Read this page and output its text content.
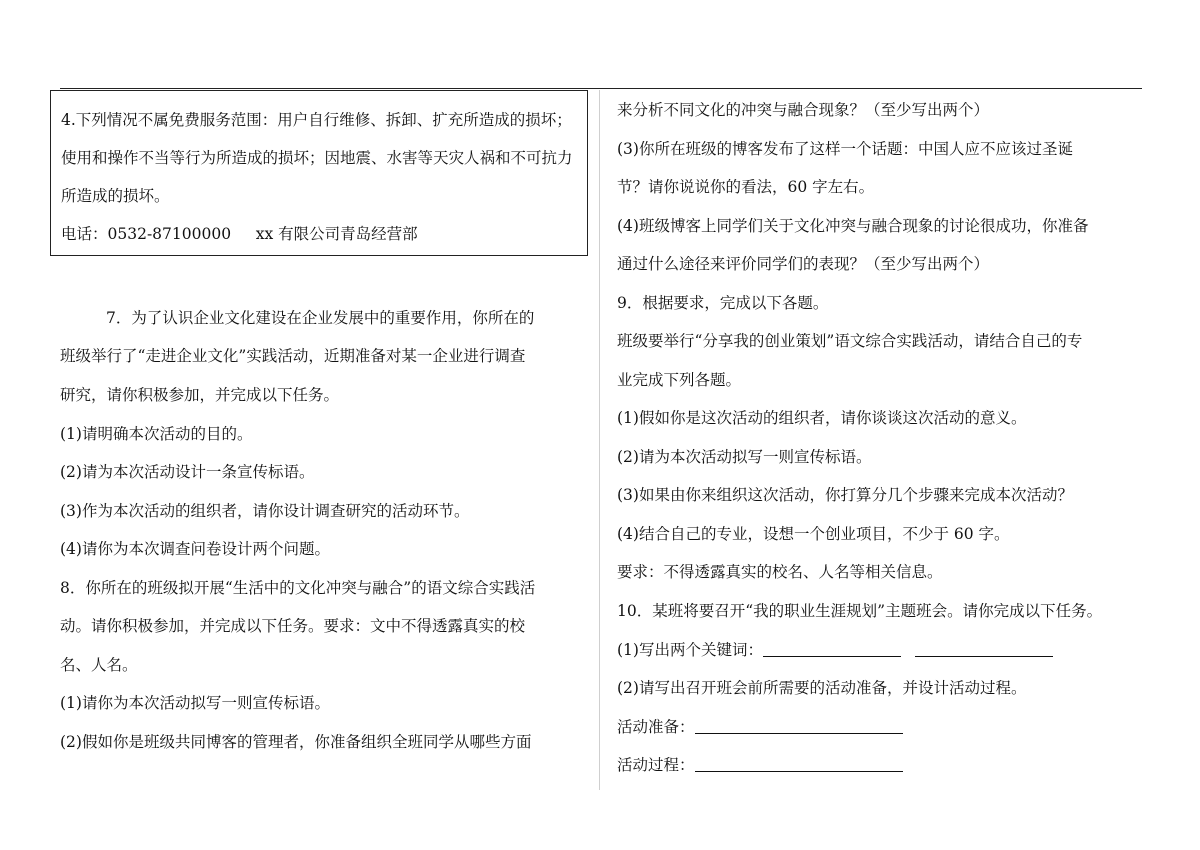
4.下列情况不属免费服务范围：用户自行维修、拆卸、扩充所造成的损坏；使用和操作不当等行为所造成的损坏；因地震、水害等天灾人祸和不可抗力所造成的损坏。

电话：0532-87100000     xx 有限公司青岛经营部

7．为了认识企业文化建设在企业发展中的重要作用，你所在的
班级举行了“走进企业文化”实践活动，近期准备对某一企业进行调查
研究，请你积极参加，并完成以下任务。
(1)请明确本次活动的目的。
(2)请为本次活动设计一条宣传标语。
(3)作为本次活动的组织者，请你设计调查研究的活动环节。
(4)请你为本次调查问卷设计两个问题。
8．你所在的班级拟开展“生活中的文化冲突与融合”的语文综合实践活
动。请你积极参加，并完成以下任务。要求：文中不得透露真实的校
名、人名。
(1)请你为本次活动拟写一则宣传标语。
(2)假如你是班级共同博客的管理者，你准备组织全班同学从哪些方面
来分析不同文化的冲突与融合现象？（至少写出两个）
(3)你所在班级的博客发布了这样一个话题：中国人应不应该过圣诞
节？请你说说你的看法，60 字左右。
(4)班级博客上同学们关于文化冲突与融合现象的讨论很成功，你准备
通过什么途径来评价同学们的表现？（至少写出两个）
9．根据要求，完成以下各题。
班级要举行“分享我的创业策划”语文综合实践活动，请结合自己的专
业完成下列各题。
(1)假如你是这次活动的组织者，请你谈谈这次活动的意义。
(2)请为本次活动拟写一则宣传标语。
(3)如果由你来组织这次活动，你打算分几个步骤来完成本次活动？
(4)结合自己的专业，设想一个创业项目，不少于 60 字。
要求：不得透露真实的校名、人名等相关信息。
10．某班将要召开“我的职业生涯规划”主题班会。请你完成以下任务。
(1)写出两个关键词：
(2)请写出召开班会前所需要的活动准备，并设计活动过程。
活动准备：
活动过程：
